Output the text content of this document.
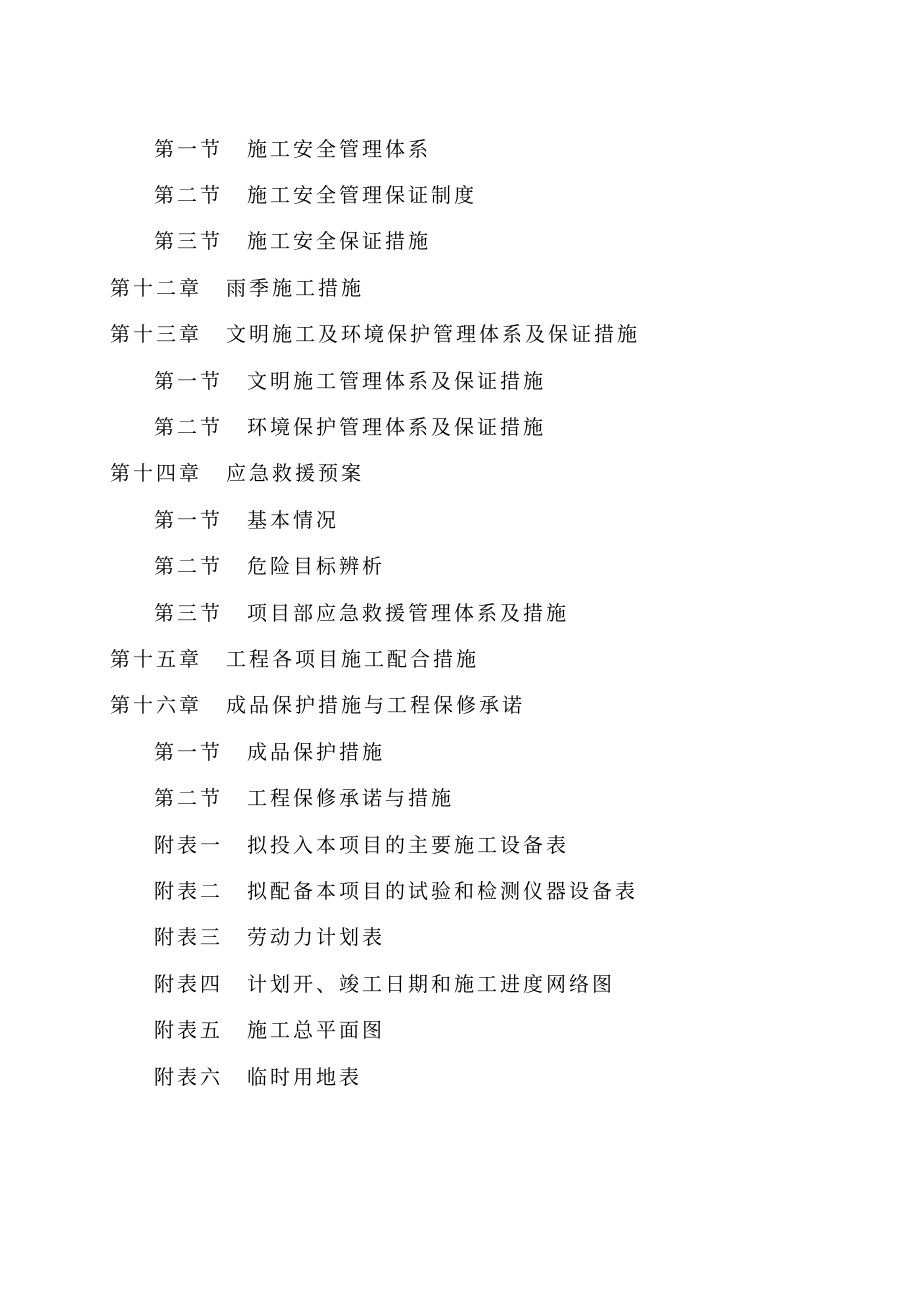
第一节 施工安全管理体系
第二节 施工安全管理保证制度
第三节 施工安全保证措施
第十二章 雨季施工措施
第十三章 文明施工及环境保护管理体系及保证措施
第一节 文明施工管理体系及保证措施
第二节 环境保护管理体系及保证措施
第十四章 应急救援预案
第一节 基本情况
第二节 危险目标辨析
第三节 项目部应急救援管理体系及措施
第十五章 工程各项目施工配合措施
第十六章 成品保护措施与工程保修承诺
第一节 成品保护措施
第二节 工程保修承诺与措施
附表一 拟投入本项目的主要施工设备表
附表二 拟配备本项目的试验和检测仪器设备表
附表三 劳动力计划表
附表四 计划开、竣工日期和施工进度网络图
附表五 施工总平面图
附表六 临时用地表
